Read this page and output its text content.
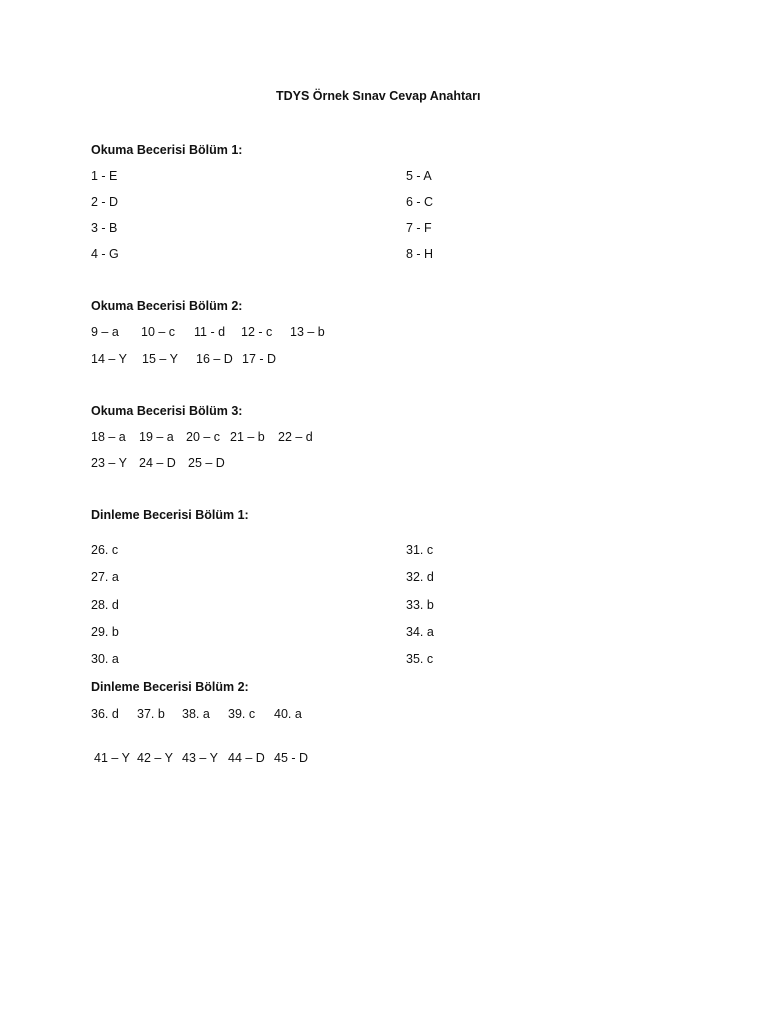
TDYS Örnek Sınav Cevap Anahtarı
Okuma Becerisi Bölüm 1:
1 - E
2 - D
3 - B
4 - G
5 - A
6 - C
7 - F
8 - H
Okuma Becerisi Bölüm 2:
9 – a 10 – c 11 - d 12 - c 13 – b
14 – Y 15 – Y 16 – D 17 - D
Okuma Becerisi Bölüm 3:
18 – a 19 – a 20 – c 21 – b 22 – d
23 – Y 24 – D 25 – D
Dinleme Becerisi Bölüm 1:
26. c
27. a
28. d
29. b
30. a
31. c
32. d
33. b
34. a
35. c
Dinleme Becerisi Bölüm 2:
36. d 37. b 38. a 39. c 40. a
41 – Y 42 – Y 43 – Y 44 – D 45 - D
